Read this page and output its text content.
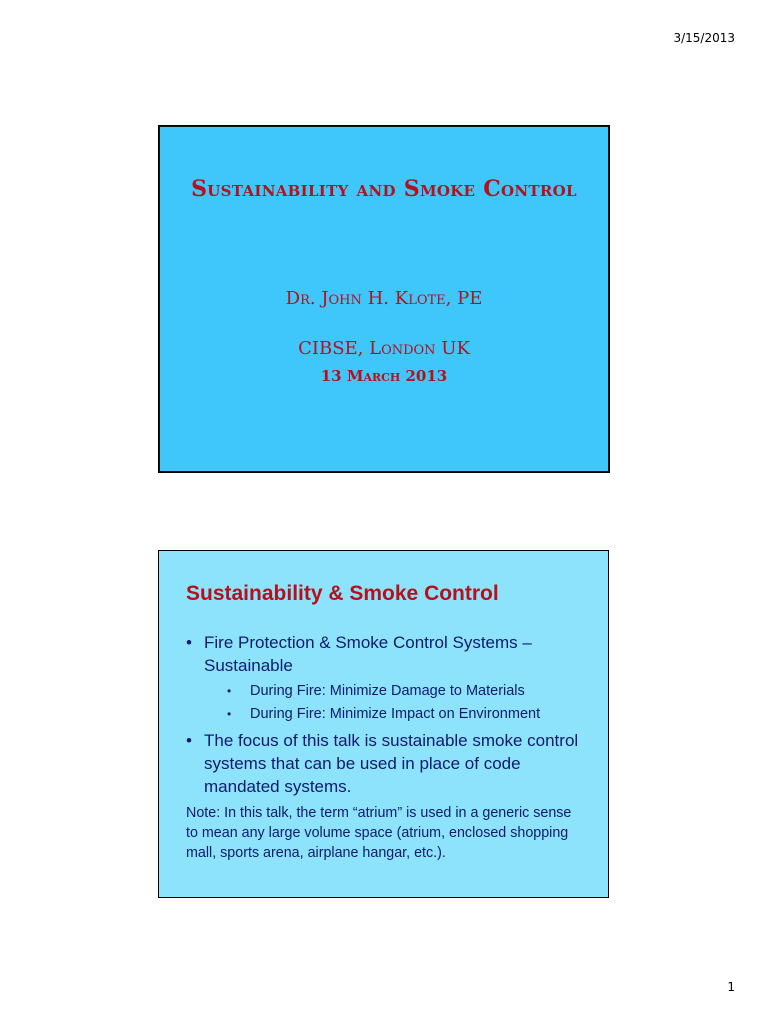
3/15/2013
Sustainability and Smoke Control
Dr. John H. Klote, PE
CIBSE, London UK
13 March 2013
Sustainability & Smoke Control
• Fire Protection & Smoke Control Systems – Sustainable
• During Fire: Minimize Damage to Materials
• During Fire: Minimize Impact on Environment
• The focus of this talk is sustainable smoke control systems that can be used in place of code mandated systems.
Note: In this talk, the term “atrium” is used in a generic sense to mean any large volume space (atrium, enclosed shopping mall, sports arena, airplane hangar, etc.).
1
